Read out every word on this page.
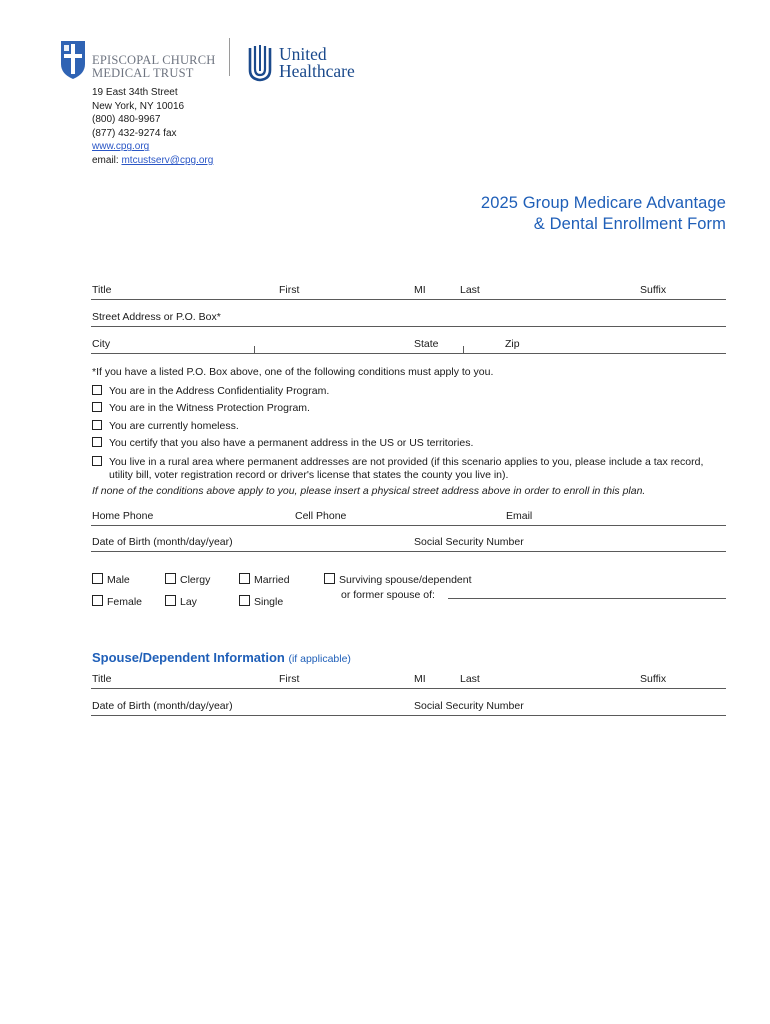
EPISCOPAL CHURCH
MEDICAL TRUST
United
Healthcare
19 East 34th Street
New York, NY 10016
(800) 480-9967
(877) 432-9274 fax
www.cpg.org
email: mtcustserv@cpg.org
2025 Group Medicare Advantage
& Dental Enrollment Form
Title	First	MI	Last	Suffix
Street Address or P.O. Box*
City	State	Zip
*If you have a listed P.O. Box above, one of the following conditions must apply to you.
You are in the Address Confidentiality Program.
You are in the Witness Protection Program.
You are currently homeless.
You certify that you also have a permanent address in the US or US territories.
You live in a rural area where permanent addresses are not provided (if this scenario applies to you, please include a tax record, utility bill, voter registration record or driver's license that states the county you live in).
If none of the conditions above apply to you, please insert a physical street address above in order to enroll in this plan.
Home Phone	Cell Phone	Email
Date of Birth (month/day/year)	Social Security Number
Male
Female
Clergy
Lay
Married
Single
Surviving spouse/dependent
or former spouse of:
Spouse/Dependent Information (if applicable)
Title	First	MI	Last	Suffix
Date of Birth (month/day/year)	Social Security Number
